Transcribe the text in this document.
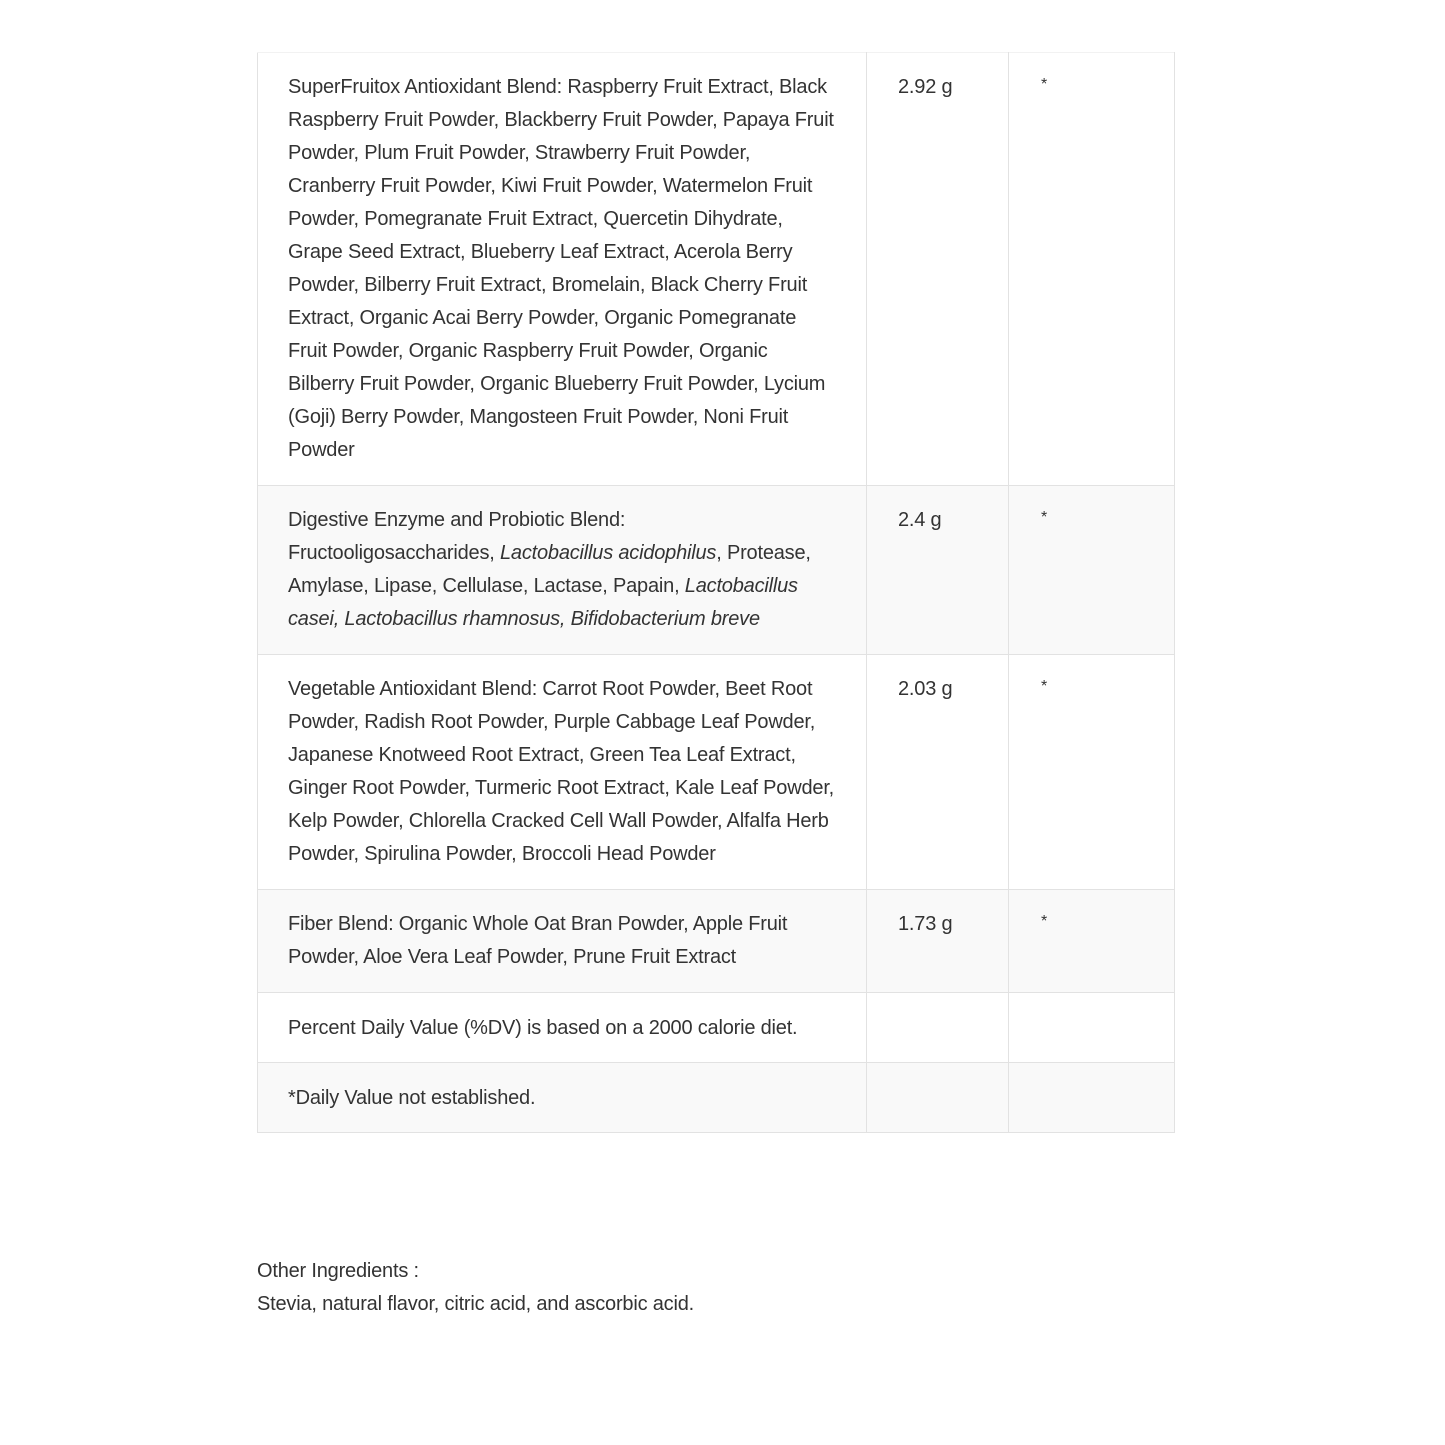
SuperFruitox Antioxidant Blend: Raspberry Fruit Extract, Black Raspberry Fruit Powder, Blackberry Fruit Powder, Papaya Fruit Powder, Plum Fruit Powder, Strawberry Fruit Powder, Cranberry Fruit Powder, Kiwi Fruit Powder, Watermelon Fruit Powder, Pomegranate Fruit Extract, Quercetin Dihydrate, Grape Seed Extract, Blueberry Leaf Extract, Acerola Berry Powder, Bilberry Fruit Extract, Bromelain, Black Cherry Fruit Extract, Organic Acai Berry Powder, Organic Pomegranate Fruit Powder, Organic Raspberry Fruit Powder, Organic Bilberry Fruit Powder, Organic Blueberry Fruit Powder, Lycium (Goji) Berry Powder, Mangosteen Fruit Powder, Noni Fruit Powder	2.92 g	*
Digestive Enzyme and Probiotic Blend: Fructooligosaccharides, Lactobacillus acidophilus, Protease, Amylase, Lipase, Cellulase, Lactase, Papain, Lactobacillus casei, Lactobacillus rhamnosus, Bifidobacterium breve	2.4 g	*
Vegetable Antioxidant Blend: Carrot Root Powder, Beet Root Powder, Radish Root Powder, Purple Cabbage Leaf Powder, Japanese Knotweed Root Extract, Green Tea Leaf Extract, Ginger Root Powder, Turmeric Root Extract, Kale Leaf Powder, Kelp Powder, Chlorella Cracked Cell Wall Powder, Alfalfa Herb Powder, Spirulina Powder, Broccoli Head Powder	2.03 g	*
Fiber Blend: Organic Whole Oat Bran Powder, Apple Fruit Powder, Aloe Vera Leaf Powder, Prune Fruit Extract	1.73 g	*
Percent Daily Value (%DV) is based on a 2000 calorie diet.		
*Daily Value not established.		
Other Ingredients :
Stevia, natural flavor, citric acid, and ascorbic acid.
